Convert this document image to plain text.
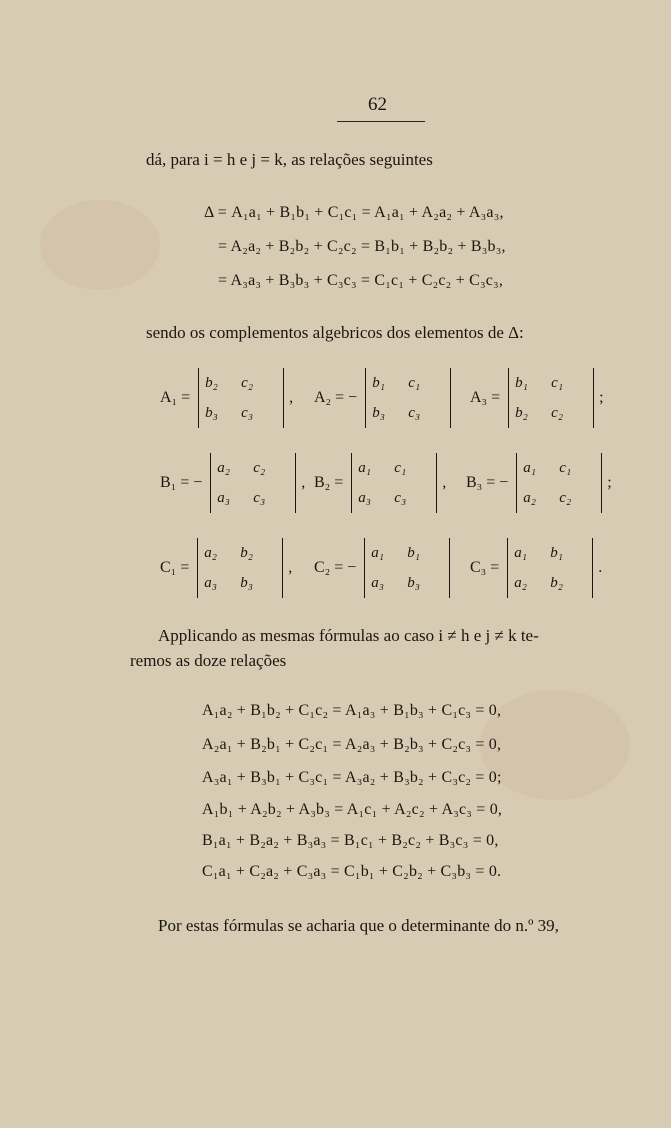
62
dá, para i = h e j = k, as relações seguintes
Δ = A₁a₁ + B₁b₁ + C₁c₁ = A₁a₁ + A₂a₂ + A₃a₃,
= A₂a₂ + B₂b₂ + C₂c₂ = B₁b₁ + B₂b₂ + B₃b₃,
= A₃a₃ + B₃b₃ + C₃c₃ = C₁c₁ + C₂c₂ + C₃c₃,
sendo os complementos algebricos dos elementos de Δ:
A₁ =
b₂	c₂
b₃	c₃
, A₂ = −
b₁	c₁
b₃	c₃
A₃ =
b₁	c₁
b₂	c₂
;
B₁ = −
a₂	c₂
a₃	c₃
, B₂ =
a₁	c₁
a₃	c₃
, B₃ = −
a₁	c₁
a₂	c₂
;
C₁ =
a₂	b₂
a₃	b₃
, C₂ = −
a₁	b₁
a₃	b₃
C₃ =
a₁	b₁
a₂	b₂
.
Applicando as mesmas fórmulas ao caso i ≠ h e j ≠ k te-
remos as doze relações
A₁a₂ + B₁b₂ + C₁c₂ = A₁a₃ + B₁b₃ + C₁c₃ = 0,
A₂a₁ + B₂b₁ + C₂c₁ = A₂a₃ + B₂b₃ + C₂c₃ = 0,
A₃a₁ + B₃b₁ + C₃c₁ = A₃a₂ + B₃b₂ + C₃c₂ = 0;
A₁b₁ + A₂b₂ + A₃b₃ = A₁c₁ + A₂c₂ + A₃c₃ = 0,
B₁a₁ + B₂a₂ + B₃a₃ = B₁c₁ + B₂c₂ + B₃c₃ = 0,
C₁a₁ + C₂a₂ + C₃a₃ = C₁b₁ + C₂b₂ + C₃b₃ = 0.
Por estas fórmulas se acharia que o determinante do n.º 39,
